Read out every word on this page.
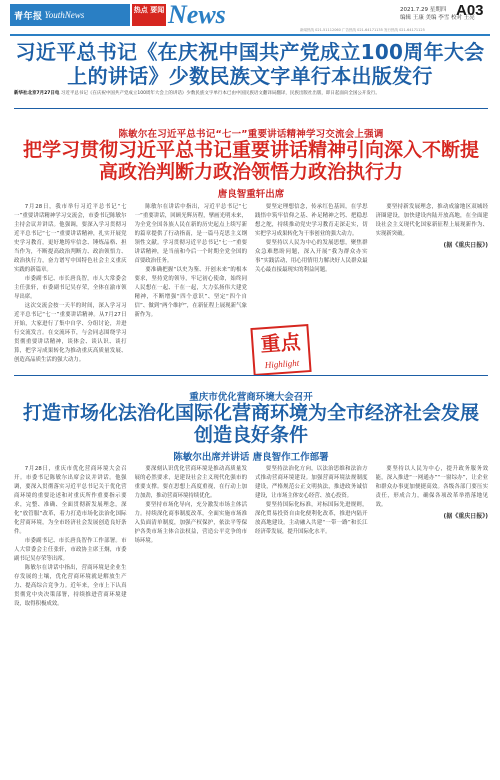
青年报 YouthNews	热点 要闻 News	2021.7.29 星期四
编辑 王康 美编 李雪 校对 王亮
A03
新闻热线 021-51112060 广告热线 021-64171135 发行热线 021-64171125
习近平总书记《在庆祝中国共产党成立100周年大会上的讲话》少数民族文字单行本出版发行
新华社北京7月27日电 习近平总书记《在庆祝中国共产党成立100周年大会上的讲话》少数民族文字单行本已由中国民族语文翻译局翻译，民族出版社出版，即日起面向全国公开发行。
陈敏尔在习近平总书记“七一”重要讲话精神学习交流会上强调
把学习贯彻习近平总书记重要讲话精神引向深入不断提高政治判断力政治领悟力政治执行力
唐良智重轩出席

7月28日，我市举行习近平总书记“七一”重要讲话精神学习交流会，市委书记陈敏尔主持会议并讲话。他强调，要深入学习贯彻习近平总书记“七一”重要讲话精神，扎实开展党史学习教育，更好地铸牢信念、锤炼品格、担当作为，不断提高政治判断力、政治领悟力、政治执行力，奋力谱写中国特色社会主义重庆实践的新篇章。

市委副书记、市长唐良智，市人大常委会主任张轩，市委副书记吴存荣，全体在渝市领导出席。

这次交流会按一天半的时间，深入学习习近平总书记“七一”重要讲话精神。从7月27日开始，大家进行了集中自学、分组讨论，并进行交流发言。在交流环节，与会同志围绕学习贯彻重要讲话精神，谈体会、谈认识、谈打算，把学习成果转化为推动重庆高质量发展、创造高品质生活的强大动力。

陈敏尔在讲话中指出，习近平总书记“七一”重要讲话，回顾光辉历程，擘画光明未来，为全党全国各族人民在新的历史起点上续写新的篇章提供了行动指南，是一篇马克思主义纲领性文献。学习贯彻习近平总书记“七一”重要讲话精神，是当前和今后一个时期全党全国的首要政治任务。

要准确把握“以史为鉴、开创未来”的根本要求，坚持党的领导，牢记初心使命，始终同人民想在一起、干在一起，大力弘扬伟大建党精神，不断增强“四个意识”、坚定“四个自信”、做到“两个维护”，在新征程上展现新气象新作为。

要坚定理想信念，传承红色基因，在学思践悟中筑牢信仰之基、补足精神之钙、把稳思想之舵，持续推动党史学习教育走深走实，切实把学习成果转化为干事创业的强大动力。

要坚持以人民为中心的发展思想，聚焦群众急难愁盼问题，深入开展“我为群众办实事”实践活动，用心用情用力解决好人民群众最关心最直接最现实的利益问题。

要坚持新发展理念，推动成渝地区双城经济圈建设，加快建设内陆开放高地，在全面建设社会主义现代化国家新征程上展现新作为、实现新突破。

(据《重庆日报》)
重点
Highlight
重庆市优化营商环境大会召开
打造市场化法治化国际化营商环境为全市经济社会发展创造良好条件
陈敏尔出席并讲话 唐良智作工作部署

7月28日，重庆市优化营商环境大会召开。市委书记陈敏尔出席会议并讲话。他强调，要深入贯彻落实习近平总书记关于优化营商环境的重要论述和对重庆所作重要指示要求，完整、准确、全面贯彻新发展理念，深化“放管服”改革，着力打造市场化法治化国际化营商环境，为全市经济社会发展创造良好条件。

市委副书记、市长唐良智作工作部署。市人大常委会主任张轩，市政协主席王炯，市委副书记吴存荣等出席。

陈敏尔在讲话中指出，营商环境是企业生存发展的土壤，优化营商环境就是解放生产力、提高综合竞争力。近年来，全市上下认真贯彻党中央决策部署，持续推进营商环境建设，取得积极成效。

要深刻认识优化营商环境是推动高质量发展的必然要求，是建设社会主义现代化强市的重要支撑。要在思想上高度重视，在行动上加力加劲，推动营商环境持续优化。

要坚持市场化导向，充分激发市场主体活力。持续深化商事制度改革，全面实施市场准入负面清单制度，加强产权保护，依法平等保护各类市场主体合法权益，营造公平竞争的市场环境。

要坚持法治化方向，以法治思维和法治方式推动营商环境建设。加强营商环境法规制度建设，严格规范公正文明执法，推进政务诚信建设，让市场主体安心经营、放心投资。

要坚持国际化标准，对标国际先进规则，深化贸易投资自由化便利化改革，推进内陆开放高地建设，主动融入共建“一带一路”和长江经济带发展，提升国际化水平。

要坚持以人民为中心，提升政务服务效能，深入推进“一网通办”“一窗综办”，让企业和群众办事更加便捷高效。各级各部门要压实责任，形成合力，确保各项改革举措落地见效。

(据《重庆日报》)
